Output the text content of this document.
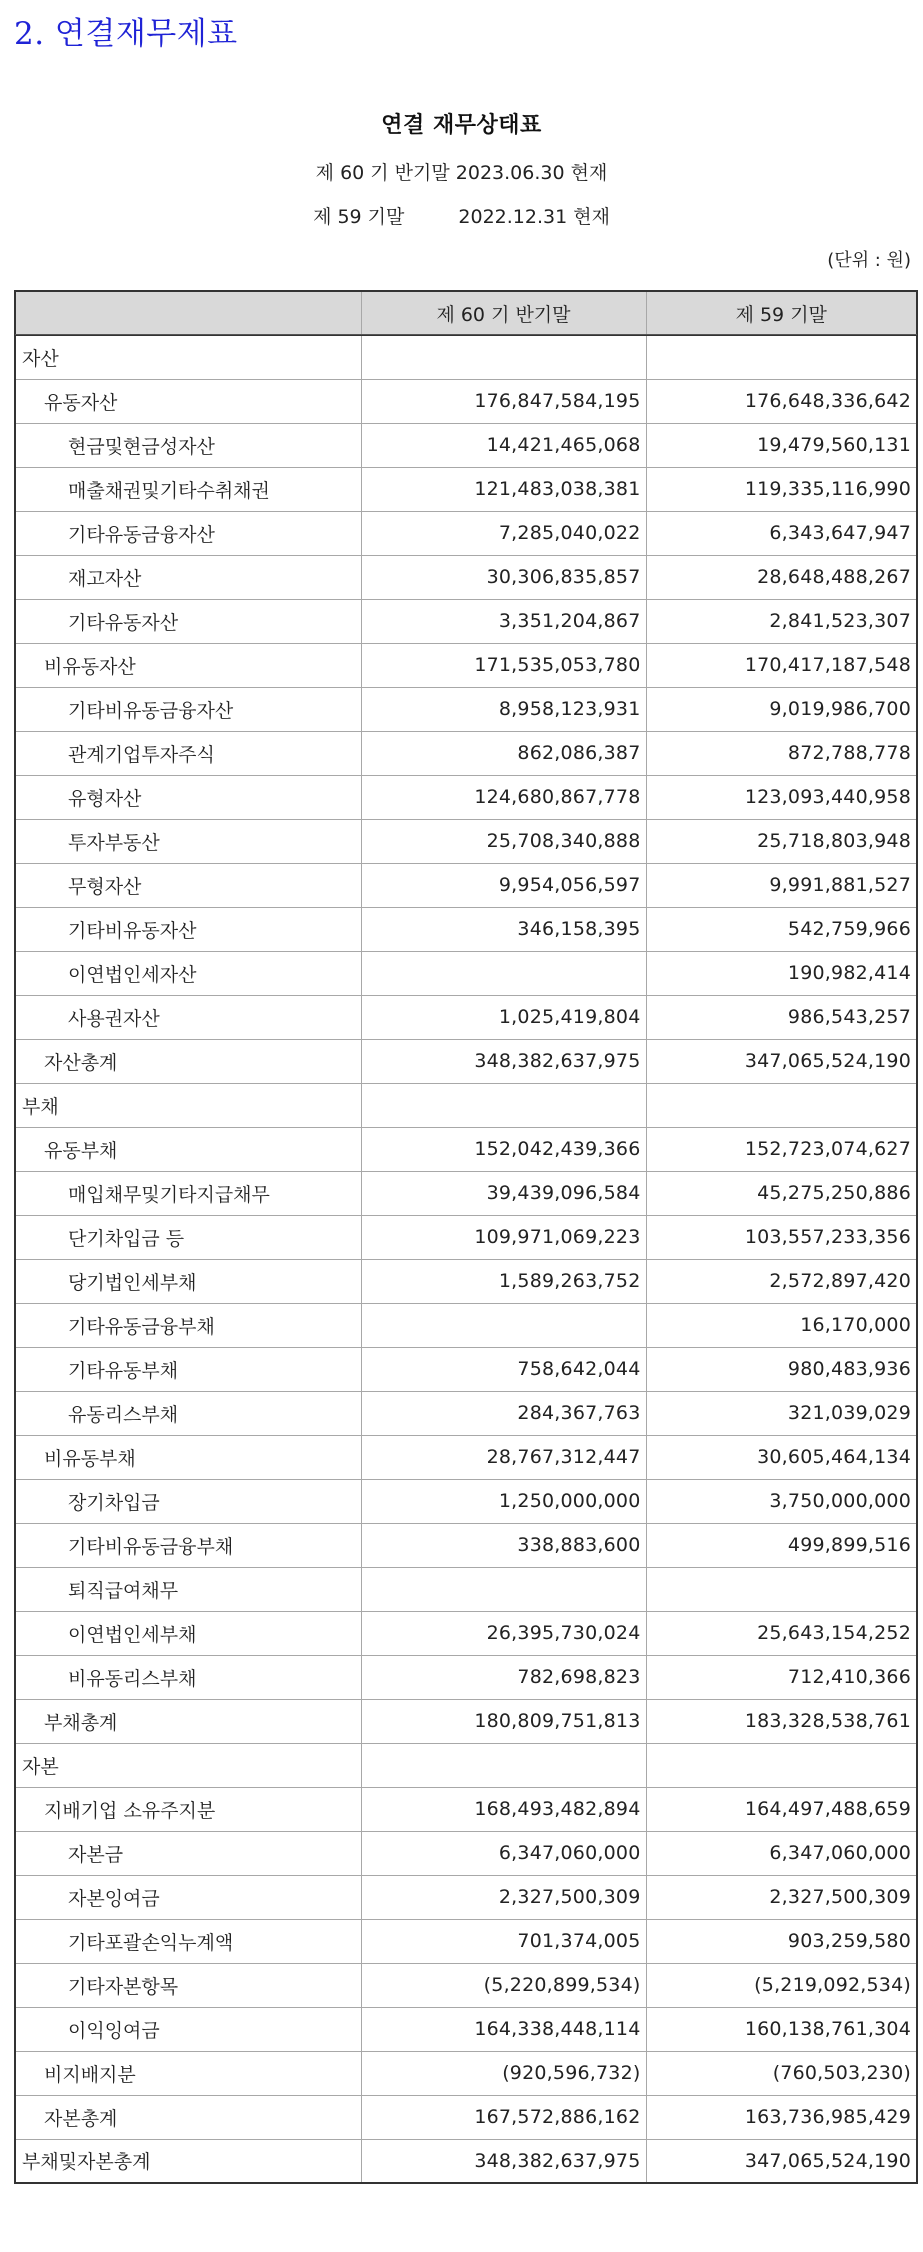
2. 연결재무제표
연결 재무상태표
제 60 기 반기말 2023.06.30 현재
제 59 기말	2022.12.31 현재
(단위 : 원)
	제 60 기 반기말	제 59 기말
자산		
유동자산	176,847,584,195	176,648,336,642
현금및현금성자산	14,421,465,068	19,479,560,131
매출채권및기타수취채권	121,483,038,381	119,335,116,990
기타유동금융자산	7,285,040,022	6,343,647,947
재고자산	30,306,835,857	28,648,488,267
기타유동자산	3,351,204,867	2,841,523,307
비유동자산	171,535,053,780	170,417,187,548
기타비유동금융자산	8,958,123,931	9,019,986,700
관계기업투자주식	862,086,387	872,788,778
유형자산	124,680,867,778	123,093,440,958
투자부동산	25,708,340,888	25,718,803,948
무형자산	9,954,056,597	9,991,881,527
기타비유동자산	346,158,395	542,759,966
이연법인세자산		190,982,414
사용권자산	1,025,419,804	986,543,257
자산총계	348,382,637,975	347,065,524,190
부채		
유동부채	152,042,439,366	152,723,074,627
매입채무및기타지급채무	39,439,096,584	45,275,250,886
단기차입금 등	109,971,069,223	103,557,233,356
당기법인세부채	1,589,263,752	2,572,897,420
기타유동금융부채		16,170,000
기타유동부채	758,642,044	980,483,936
유동리스부채	284,367,763	321,039,029
비유동부채	28,767,312,447	30,605,464,134
장기차입금	1,250,000,000	3,750,000,000
기타비유동금융부채	338,883,600	499,899,516
퇴직급여채무		
이연법인세부채	26,395,730,024	25,643,154,252
비유동리스부채	782,698,823	712,410,366
부채총계	180,809,751,813	183,328,538,761
자본		
지배기업 소유주지분	168,493,482,894	164,497,488,659
자본금	6,347,060,000	6,347,060,000
자본잉여금	2,327,500,309	2,327,500,309
기타포괄손익누계액	701,374,005	903,259,580
기타자본항목	(5,220,899,534)	(5,219,092,534)
이익잉여금	164,338,448,114	160,138,761,304
비지배지분	(920,596,732)	(760,503,230)
자본총계	167,572,886,162	163,736,985,429
부채및자본총계	348,382,637,975	347,065,524,190
